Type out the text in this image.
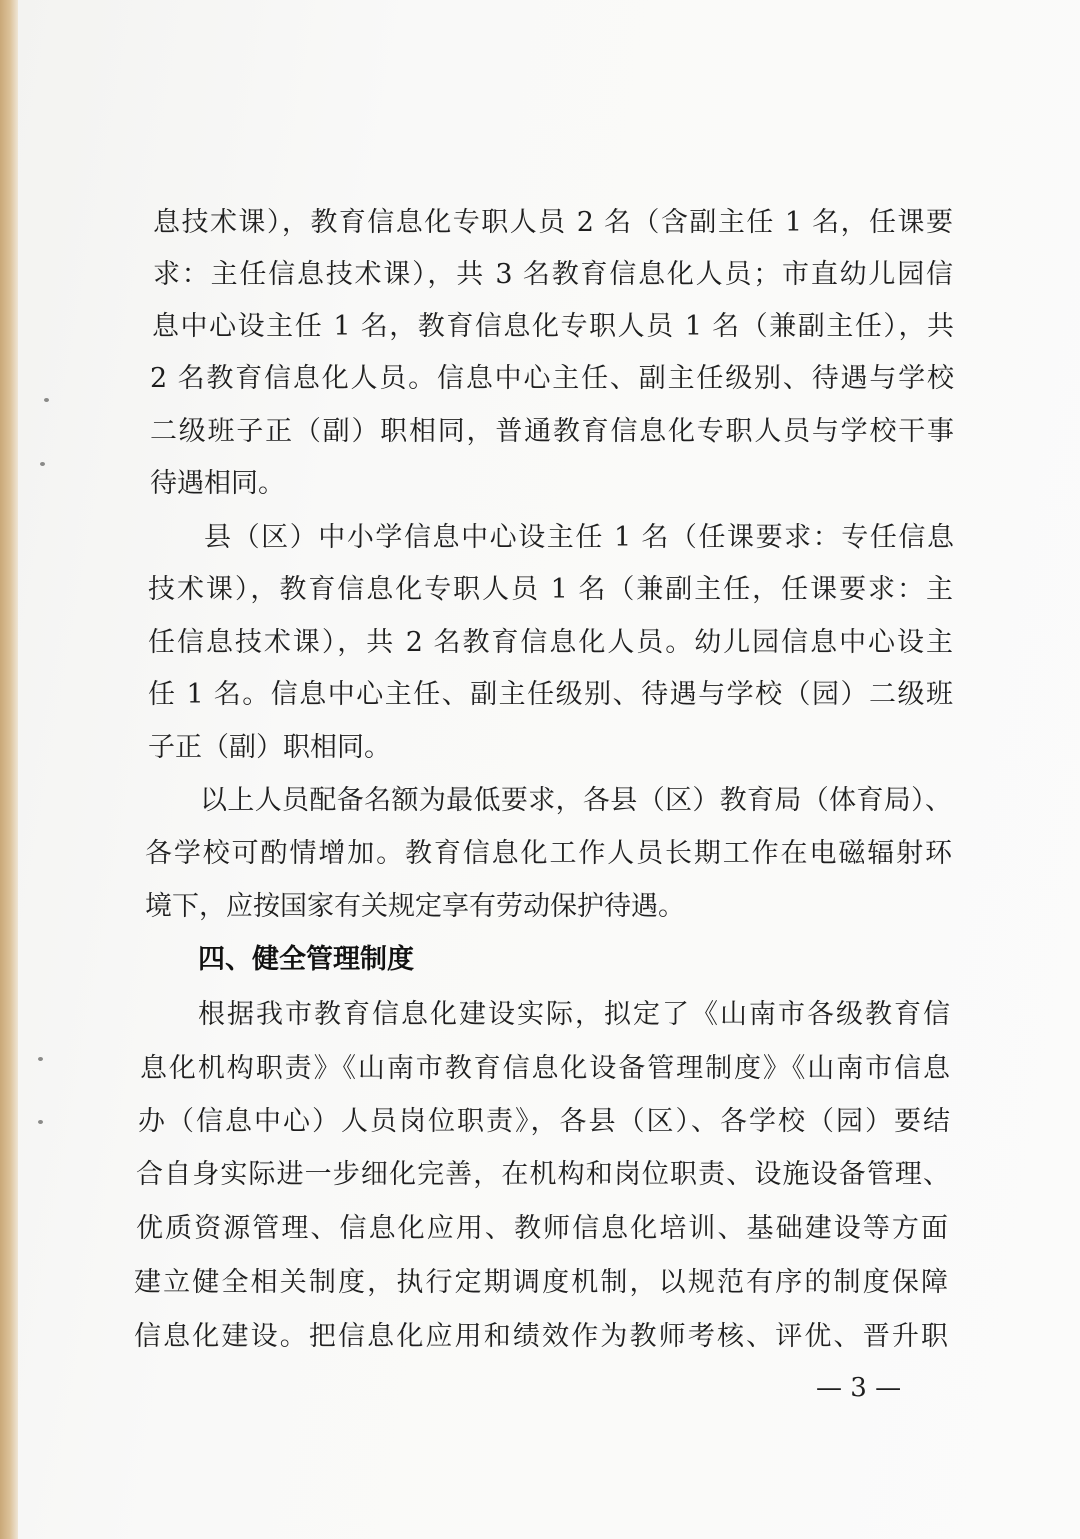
息技术课），教育信息化专职人员 2 名（含副主任 1 名，任课要

求：主任信息技术课），共 3 名教育信息化人员；市直幼儿园信

息中心设主任 1 名，教育信息化专职人员 1 名（兼副主任），共

2 名教育信息化人员。信息中心主任、副主任级别、待遇与学校

二级班子正（副）职相同，普通教育信息化专职人员与学校干事

待遇相同。

县（区）中小学信息中心设主任 1 名（任课要求：专任信息

技术课），教育信息化专职人员 1 名（兼副主任，任课要求：主

任信息技术课），共 2 名教育信息化人员。幼儿园信息中心设主

任 1 名。信息中心主任、副主任级别、待遇与学校（园）二级班

子正（副）职相同。

以上人员配备名额为最低要求，各县（区）教育局（体育局）、

各学校可酌情增加。教育信息化工作人员长期工作在电磁辐射环

境下，应按国家有关规定享有劳动保护待遇。

四、健全管理制度

根据我市教育信息化建设实际，拟定了《山南市各级教育信

息化机构职责》《山南市教育信息化设备管理制度》《山南市信息

办（信息中心）人员岗位职责》，各县（区）、各学校（园）要结

合自身实际进一步细化完善，在机构和岗位职责、设施设备管理、

优质资源管理、信息化应用、教师信息化培训、基础建设等方面

建立健全相关制度，执行定期调度机制，以规范有序的制度保障

信息化建设。把信息化应用和绩效作为教师考核、评优、晋升职

— 3 —
